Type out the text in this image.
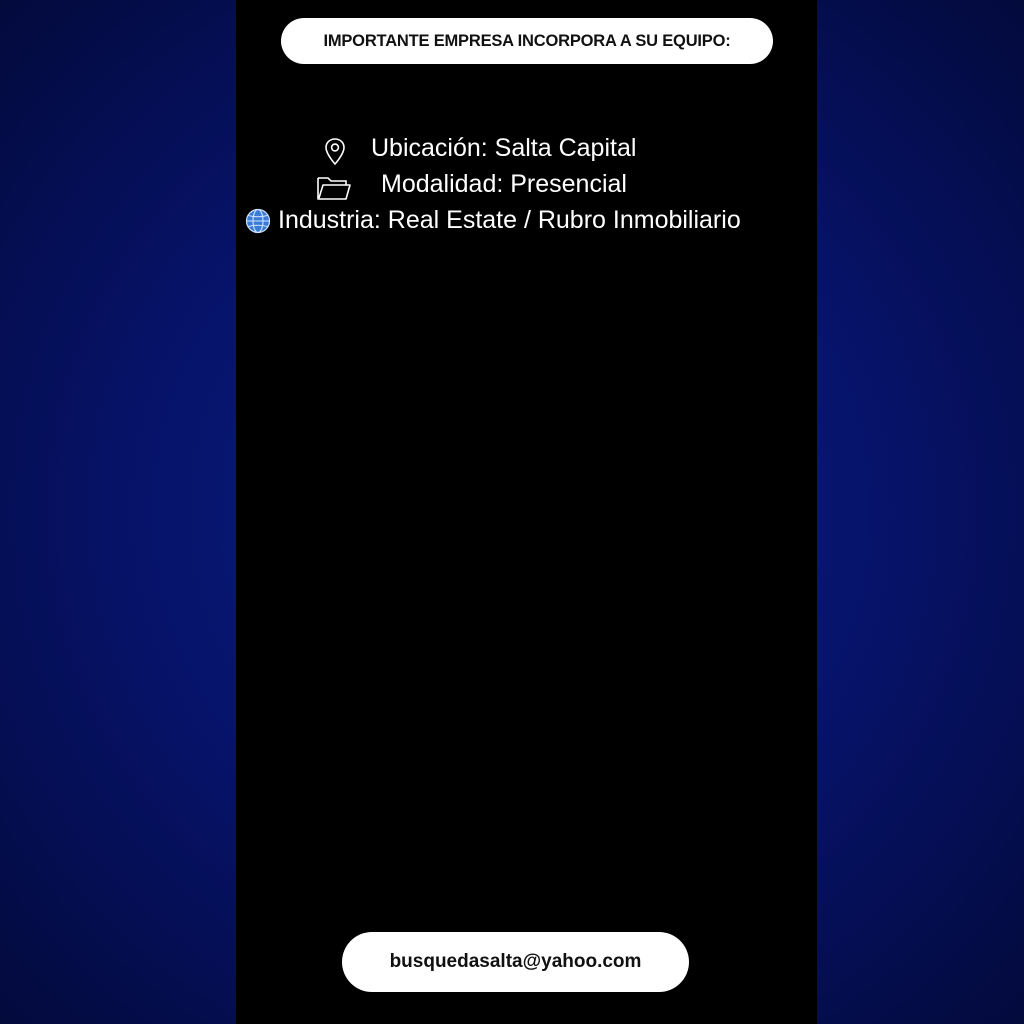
IMPORTANTE EMPRESA INCORPORA A SU EQUIPO:
Coordinador Comercial
Ubicación: Salta Capital
Modalidad: Presencial
Industria: Real Estate / Rubro Inmobiliario
Requisitos:
• Experiencia mínima de 5 años en roles comerciales dentro del rubro inmobiliario / real estate (excluyente).
• Idioma: Ingles – (excluyente).
• Excelente capacidad de liderazgo, negociación y comunicación.
Conocimiento del mercado inmobiliario de Salta y alrededores
Orientamos nuestra búsqueda hacia profesionales en
comercialización.
Marcado perfil comercial, orientacion a resultados y
capacidad de toma de deciones.
Ofrecemos excelentes condiciones de contratación.
Posibilidad de relocalización
Fecha límite de postulación:
15/06/2025
Enviá tu CV indicando:
Ref: Coordinador Comercial
busquedasalta@yahoo.com
